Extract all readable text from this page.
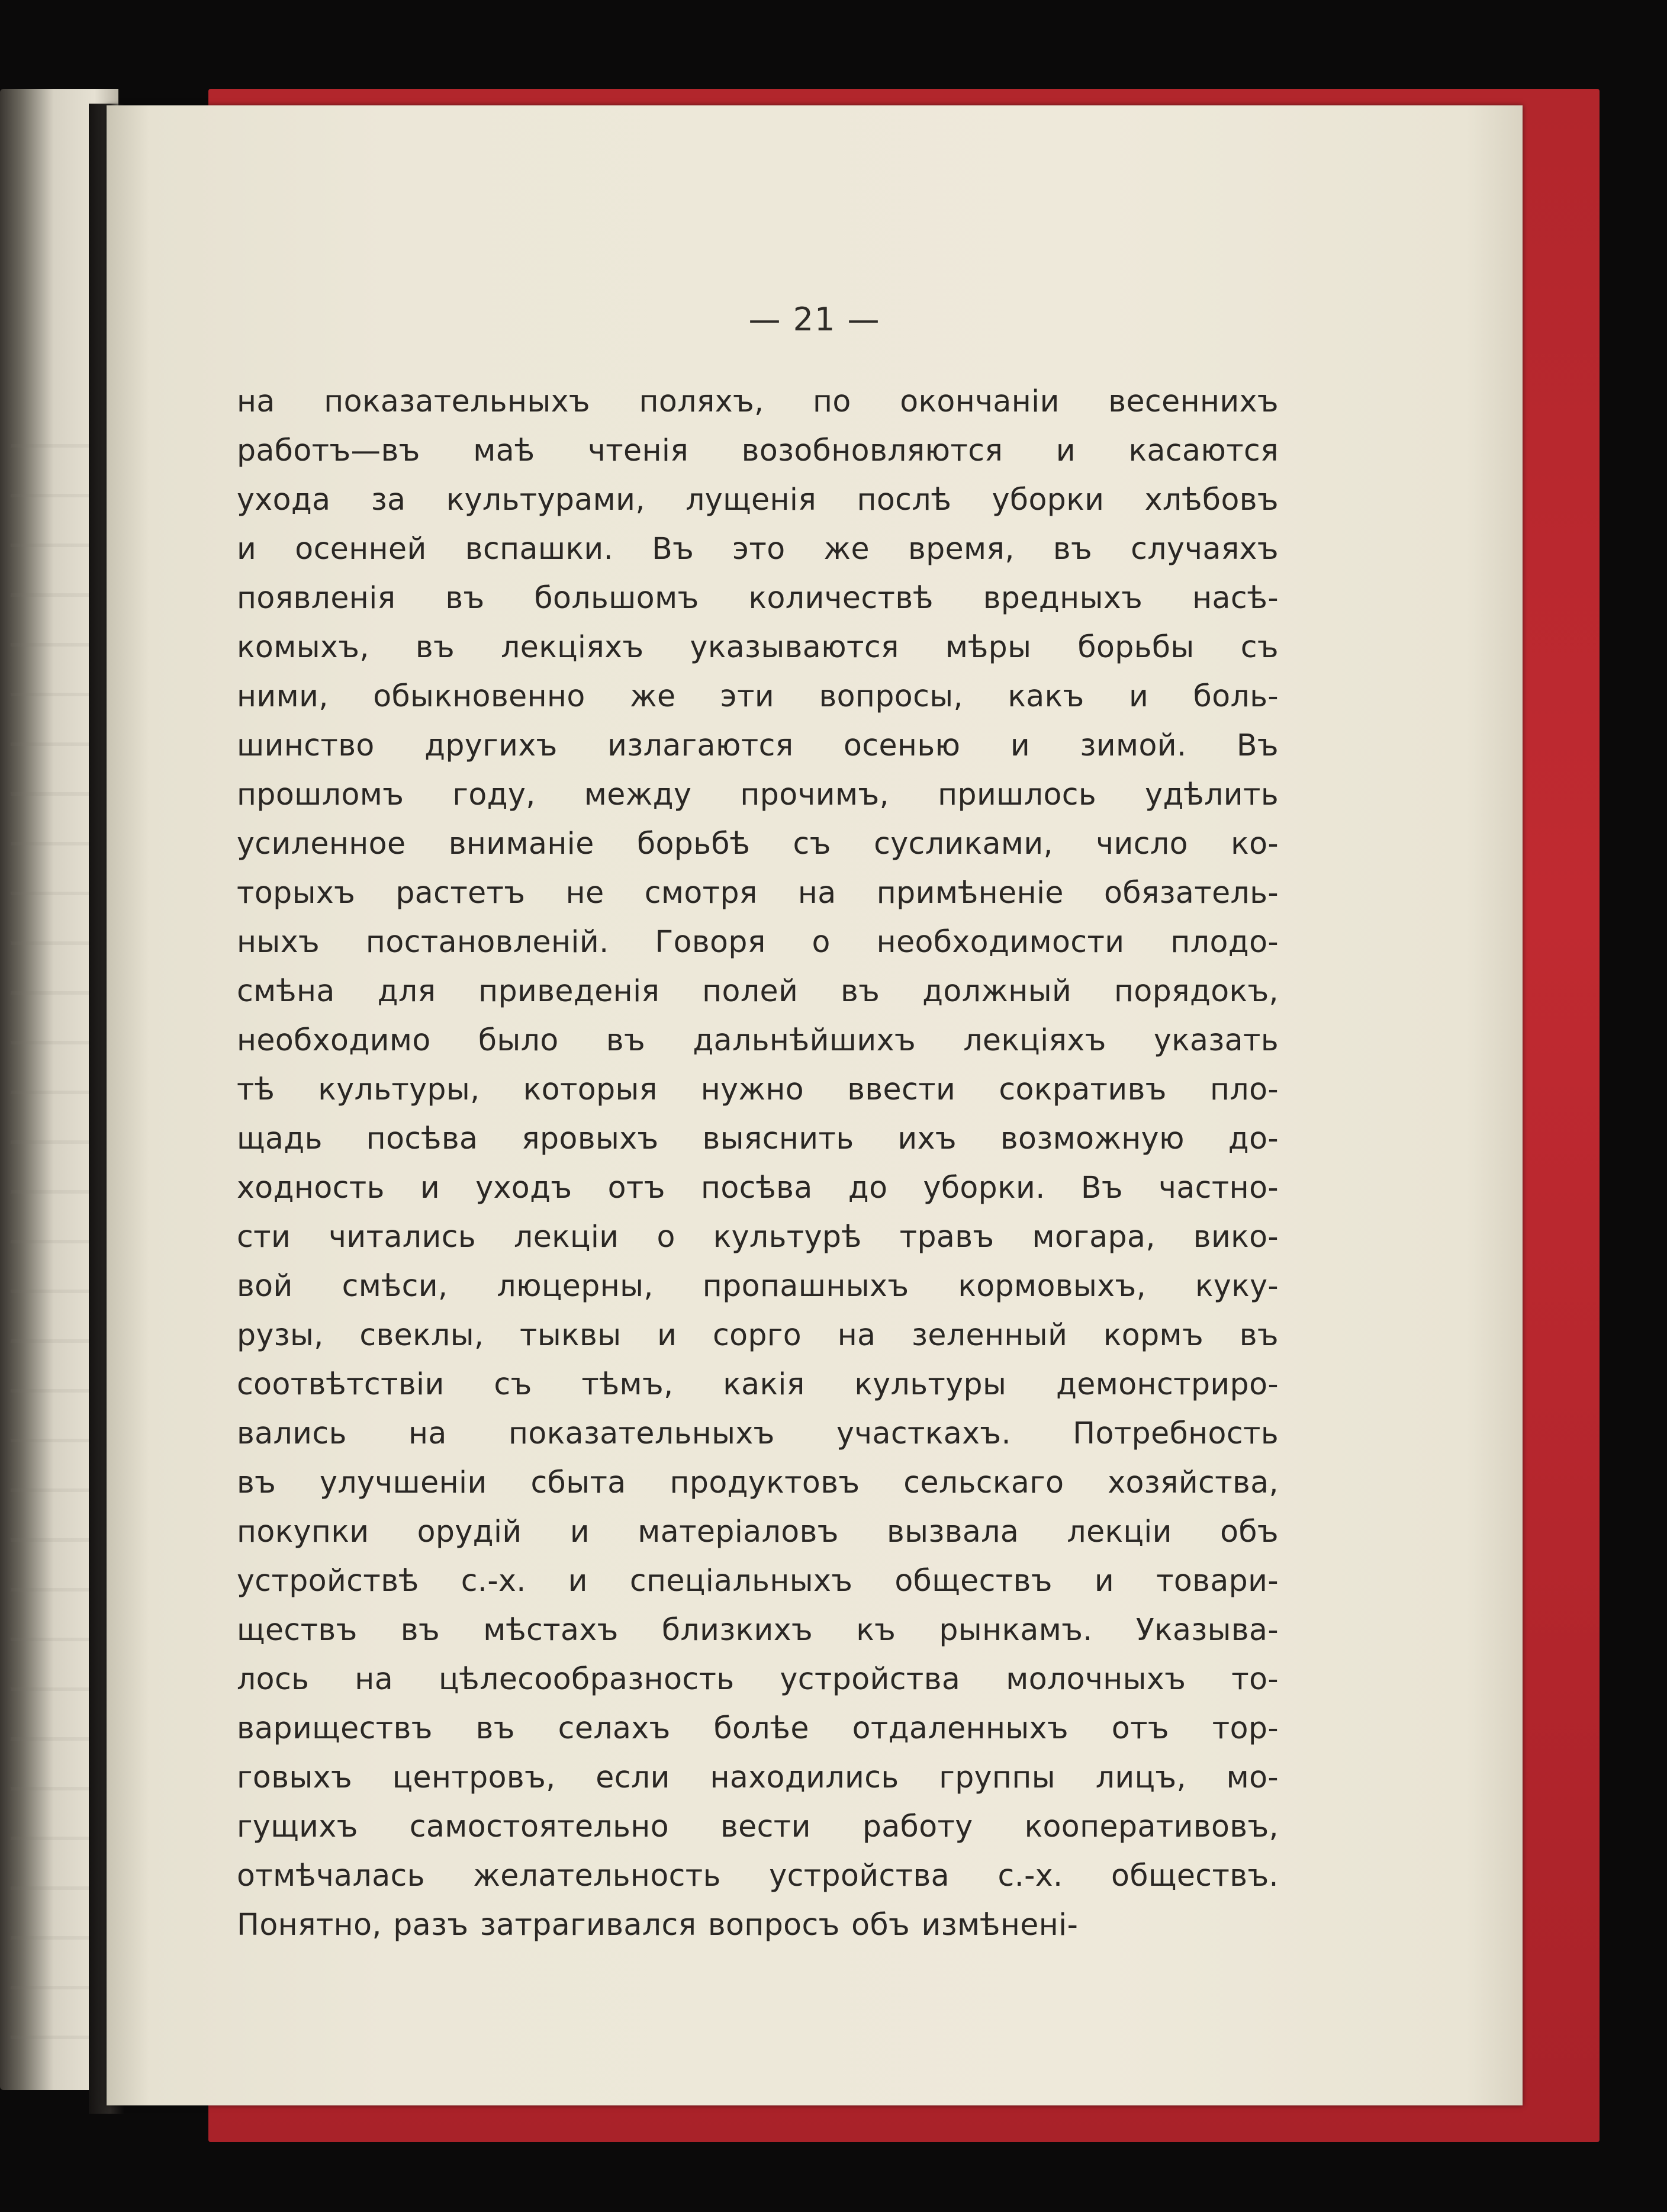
— 21 —
на показательныхъ поляхъ, по окончанiи весеннихъ
работъ—въ маѣ чтенiя возобновляются и касаются
ухода за культурами, лущенiя послѣ уборки хлѣбовъ
и осенней вспашки. Въ это же время, въ случаяхъ
появленiя въ большомъ количествѣ вредныхъ насѣ-
комыхъ, въ лекцiяхъ указываются мѣры борьбы съ
ними, обыкновенно же эти вопросы, какъ и боль-
шинство другихъ излагаются осенью и зимой. Въ
прошломъ году, между прочимъ, пришлось удѣлить
усиленное вниманiе борьбѣ съ сусликами, число ко-
торыхъ растетъ не смотря на примѣненiе обязатель-
ныхъ постановленiй. Говоря о необходимости плодо-
смѣна для приведенiя полей въ должный порядокъ,
необходимо было въ дальнѣйшихъ лекцiяхъ указать
тѣ культуры, которыя нужно ввести сокративъ пло-
щадь посѣва яровыхъ выяснить ихъ возможную до-
ходность и уходъ отъ посѣва до уборки. Въ частно-
сти читались лекцiи о культурѣ травъ могара, вико-
вой смѣси, люцерны, пропашныхъ кормовыхъ, куку-
рузы, свеклы, тыквы и сорго на зеленный кормъ въ
соотвѣтствiи съ тѣмъ, какiя культуры демонстриро-
вались на показательныхъ участкахъ. Потребность
въ улучшенiи сбыта продуктовъ сельскаго хозяйства,
покупки орудiй и матерiаловъ вызвала лекцiи объ
устройствѣ с.-х. и спецiальныхъ обществъ и товари-
ществъ въ мѣстахъ близкихъ къ рынкамъ. Указыва-
лось на цѣлесообразность устройства молочныхъ то-
вариществъ въ селахъ болѣе отдаленныхъ отъ тор-
говыхъ центровъ, если находились группы лицъ, мо-
гущихъ самостоятельно вести работу кооперативовъ,
отмѣчалась желательность устройства с.-х. обществъ.
Понятно, разъ затрагивался вопросъ объ измѣненi-
